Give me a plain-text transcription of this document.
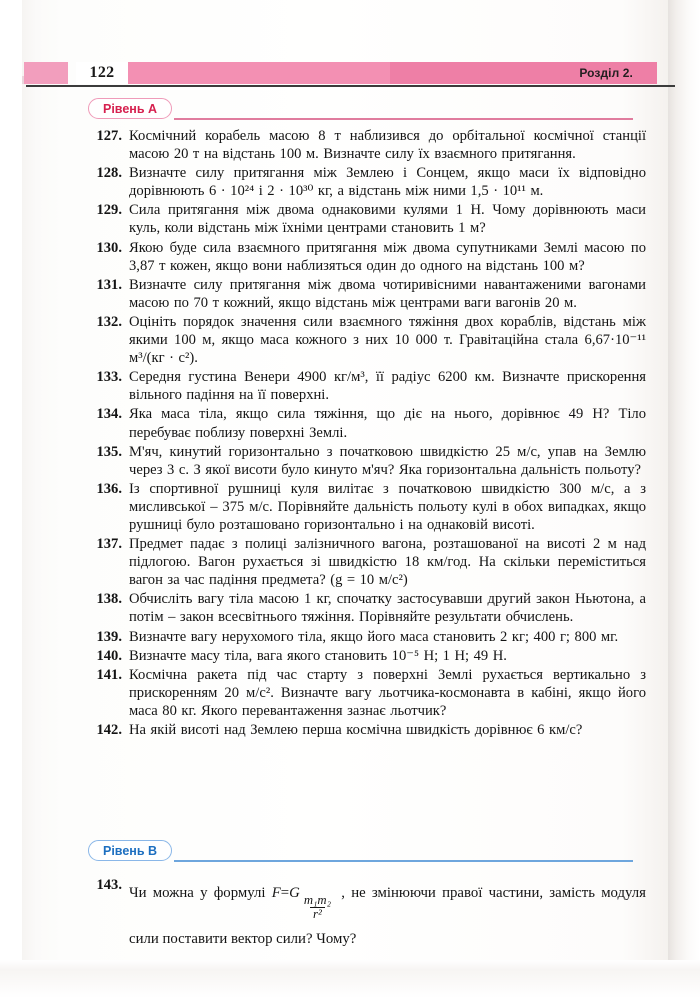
122	Розділ 2.
Рівень А
127. Космічний корабель масою 8 т наблизився до орбітальної космічної станції масою 20 т на відстань 100 м. Визначте силу їх взаємного притягання.
128. Визначте силу притягання між Землею і Сонцем, якщо маси їх відповідно дорівнюють 6 · 10²⁴ і 2 · 10³⁰ кг, а відстань між ними 1,5 · 10¹¹ м.
129. Сила притягання між двома однаковими кулями 1 Н. Чому дорівнюють маси куль, коли відстань між їхніми центрами становить 1 м?
130. Якою буде сила взаємного притягання між двома супутниками Землі масою по 3,87 т кожен, якщо вони наблизяться один до одного на відстань 100 м?
131. Визначте силу притягання між двома чотиривісними навантаженими вагонами масою по 70 т кожний, якщо відстань між центрами ваги вагонів 20 м.
132. Оцініть порядок значення сили взаємного тяжіння двох кораблів, відстань між якими 100 м, якщо маса кожного з них 10 000 т. Гравітаційна стала 6,67·10⁻¹¹ м³/(кг · с²).
133. Середня густина Венери 4900 кг/м³, її радіус 6200 км. Визначте прискорення вільного падіння на її поверхні.
134. Яка маса тіла, якщо сила тяжіння, що діє на нього, дорівнює 49 Н? Тіло перебуває поблизу поверхні Землі.
135. М'яч, кинутий горизонтально з початковою швидкістю 25 м/с, упав на Землю через 3 с. З якої висоти було кинуто м'яч? Яка горизонтальна дальність польоту?
136. Із спортивної рушниці куля вилітає з початковою швидкістю 300 м/с, а з мисливської – 375 м/с. Порівняйте дальність польоту кулі в обох випадках, якщо рушниці було розташовано горизонтально і на однаковій висоті.
137. Предмет падає з полиці залізничного вагона, розташованої на висоті 2 м над підлогою. Вагон рухається зі швидкістю 18 км/год. На скільки переміститься вагон за час падіння предмета? (g = 10 м/с²)
138. Обчисліть вагу тіла масою 1 кг, спочатку застосувавши другий закон Ньютона, а потім – закон всесвітнього тяжіння. Порівняйте результати обчислень.
139. Визначте вагу нерухомого тіла, якщо його маса становить 2 кг; 400 г; 800 мг.
140. Визначте масу тіла, вага якого становить 10⁻⁵ Н; 1 Н; 49 Н.
141. Космічна ракета під час старту з поверхні Землі рухається вертикально з прискоренням 20 м/с². Визначте вагу льотчика-космонавта в кабіні, якщо його маса 80 кг. Якого перевантаження зазнає льотчик?
142. На якій висоті над Землею перша космічна швидкість дорівнює 6 км/с?
Рівень В
143. Чи можна у формулі F=G
$\frac{\text{m₁m₂}}{\text{r²}}$
, не змінюючи правої частини, замість модуля сили поставити вектор сили? Чому?
